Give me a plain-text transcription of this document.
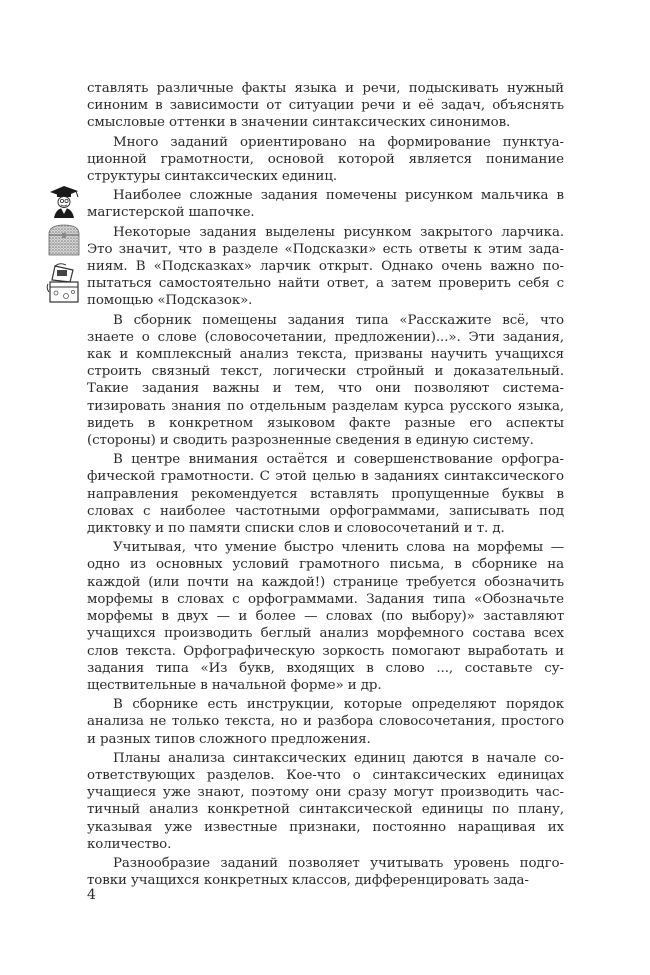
ставлять различные факты языка и речи, подыскивать нужный синоним в зависимости от ситуации речи и её задач, объяснять смысловые оттенки в значении синтаксических синонимов.

Много заданий ориентировано на формирование пунктуационной грамотности, основой которой является понимание структуры синтаксических единиц.

Наиболее сложные задания помечены рисунком мальчика в магистерской шапочке.

Некоторые задания выделены рисунком закрытого ларчика. Это значит, что в разделе «Подсказки» есть ответы к этим заданиям. В «Подсказках» ларчик открыт. Однако очень важно попытаться самостоятельно найти ответ, а затем проверить себя с помощью «Подсказок».

В сборник помещены задания типа «Расскажите всё, что знаете о слове (словосочетании, предложении)...». Эти задания, как и комплексный анализ текста, призваны научить учащихся строить связный текст, логически стройный и доказательный. Такие задания важны и тем, что они позволяют систематизировать знания по отдельным разделам курса русского языка, видеть в конкретном языковом факте разные его аспекты (стороны) и сводить разрозненные сведения в единую систему.

В центре внимания остаётся и совершенствование орфографической грамотности. С этой целью в заданиях синтаксического направления рекомендуется вставлять пропущенные буквы в словах с наиболее частотными орфограммами, записывать под диктовку и по памяти списки слов и словосочетаний и т. д.

Учитывая, что умение быстро членить слова на морфемы — одно из основных условий грамотного письма, в сборнике на каждой (или почти на каждой!) странице требуется обозначить морфемы в словах с орфограммами. Задания типа «Обозначьте морфемы в двух — и более — словах (по выбору)» заставляют учащихся производить беглый анализ морфемного состава всех слов текста. Орфографическую зоркость помогают выработать и задания типа «Из букв, входящих в слово ..., составьте существительные в начальной форме» и др.

В сборнике есть инструкции, которые определяют порядок анализа не только текста, но и разбора словосочетания, простого и разных типов сложного предложения.

Планы анализа синтаксических единиц даются в начале соответствующих разделов. Кое-что о синтаксических единицах учащиеся уже знают, поэтому они сразу могут производить частичный анализ конкретной синтаксической единицы по плану, указывая уже известные признаки, постоянно наращивая их количество.

Разнообразие заданий позволяет учитывать уровень подготовки учащихся конкретных классов, дифференцировать зада-

4
